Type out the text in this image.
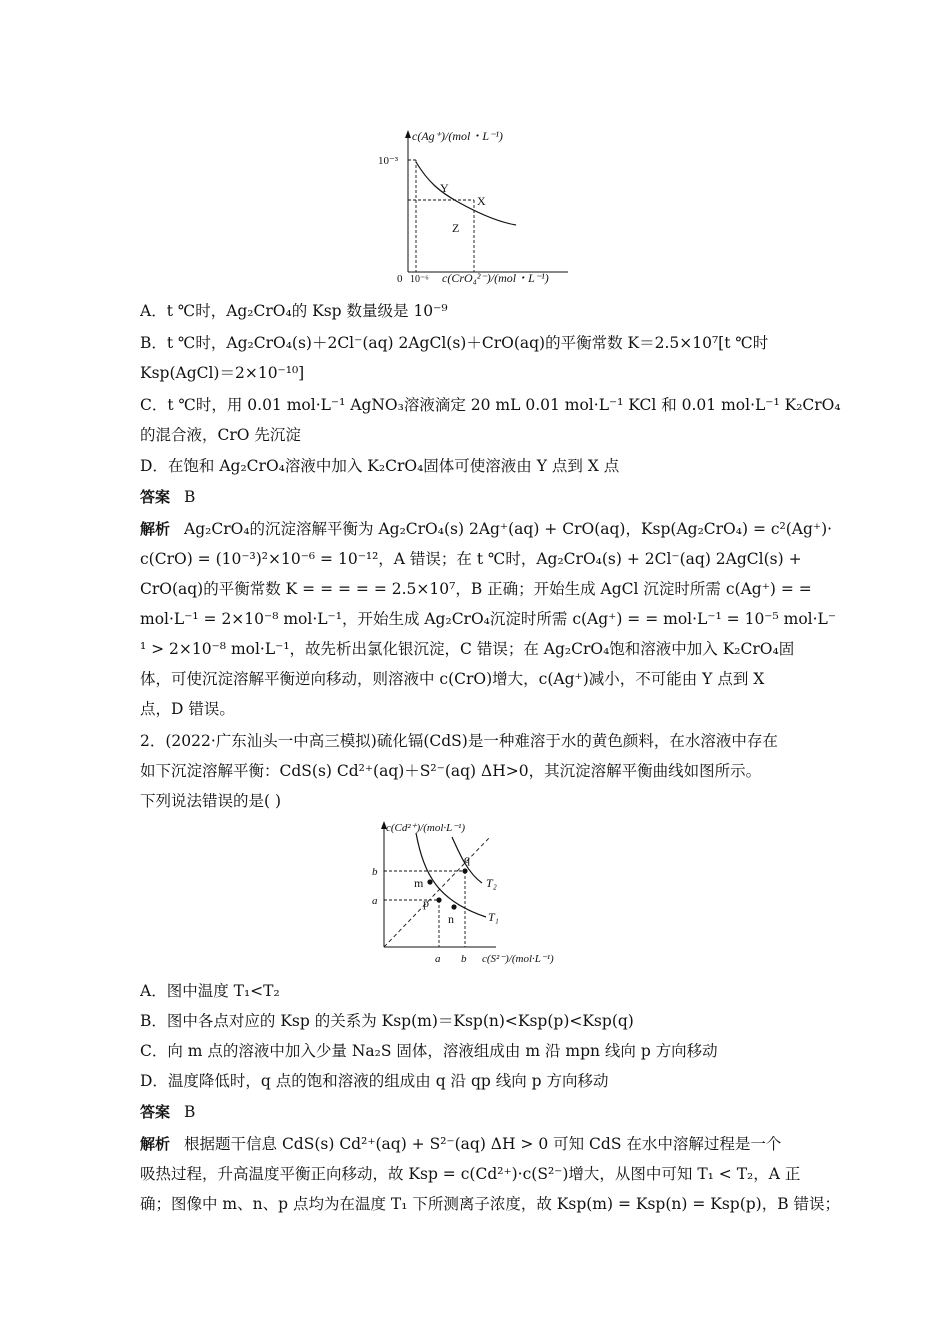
c(Ag⁺)/(mol・L⁻¹)
10⁻³
0 10⁻⁶ c(CrO₄²⁻)/(mol・L⁻¹)
Y
X
Z
A．t ℃时，Ag₂CrO₄的 Ksp 数量级是 10⁻⁹
B．t ℃时，Ag₂CrO₄(s)＋2Cl⁻(aq) 2AgCl(s)＋CrO(aq)的平衡常数 K＝2.5×10⁷[t ℃时
Ksp(AgCl)＝2×10⁻¹⁰]
C．t ℃时，用 0.01 mol·L⁻¹ AgNO₃溶液滴定 20 mL 0.01 mol·L⁻¹ KCl 和 0.01 mol·L⁻¹ K₂CrO₄
的混合液，CrO 先沉淀
D．在饱和 Ag₂CrO₄溶液中加入 K₂CrO₄固体可使溶液由 Y 点到 X 点
答案 B
解析 Ag₂CrO₄的沉淀溶解平衡为 Ag₂CrO₄(s) 2Ag⁺(aq) + CrO(aq)，Ksp(Ag₂CrO₄) = c²(Ag⁺)·
c(CrO) = (10⁻³)²×10⁻⁶ = 10⁻¹²，A 错误；在 t ℃时，Ag₂CrO₄(s) + 2Cl⁻(aq) 2AgCl(s) +
CrO(aq)的平衡常数 K = = = = = 2.5×10⁷，B 正确；开始生成 AgCl 沉淀时所需 c(Ag⁺) = =
mol·L⁻¹ = 2×10⁻⁸ mol·L⁻¹，开始生成 Ag₂CrO₄沉淀时所需 c(Ag⁺) = = mol·L⁻¹ = 10⁻⁵ mol·L⁻
¹ > 2×10⁻⁸ mol·L⁻¹，故先析出氯化银沉淀，C 错误；在 Ag₂CrO₄饱和溶液中加入 K₂CrO₄固
体，可使沉淀溶解平衡逆向移动，则溶液中 c(CrO)增大，c(Ag⁺)减小，不可能由 Y 点到 X
点，D 错误。
2．(2022·广东汕头一中高三模拟)硫化镉(CdS)是一种难溶于水的黄色颜料，在水溶液中存在
如下沉淀溶解平衡：CdS(s) Cd²⁺(aq)＋S²⁻(aq) ΔH>0，其沉淀溶解平衡曲线如图所示。
下列说法错误的是( )
c(Cd²⁺)/(mol·L⁻¹)
b
a
a b c(S²⁻)/(mol·L⁻¹)
m
p
n
q
T₂
T₁
A．图中温度 T₁<T₂
B．图中各点对应的 Ksp 的关系为 Ksp(m)＝Ksp(n)<Ksp(p)<Ksp(q)
C．向 m 点的溶液中加入少量 Na₂S 固体，溶液组成由 m 沿 mpn 线向 p 方向移动
D．温度降低时，q 点的饱和溶液的组成由 q 沿 qp 线向 p 方向移动
答案 B
解析 根据题干信息 CdS(s) Cd²⁺(aq) + S²⁻(aq) ΔH > 0 可知 CdS 在水中溶解过程是一个
吸热过程，升高温度平衡正向移动，故 Ksp = c(Cd²⁺)·c(S²⁻)增大，从图中可知 T₁ < T₂，A 正
确；图像中 m、n、p 点均为在温度 T₁ 下所测离子浓度，故 Ksp(m) = Ksp(n) = Ksp(p)，B 错误；
